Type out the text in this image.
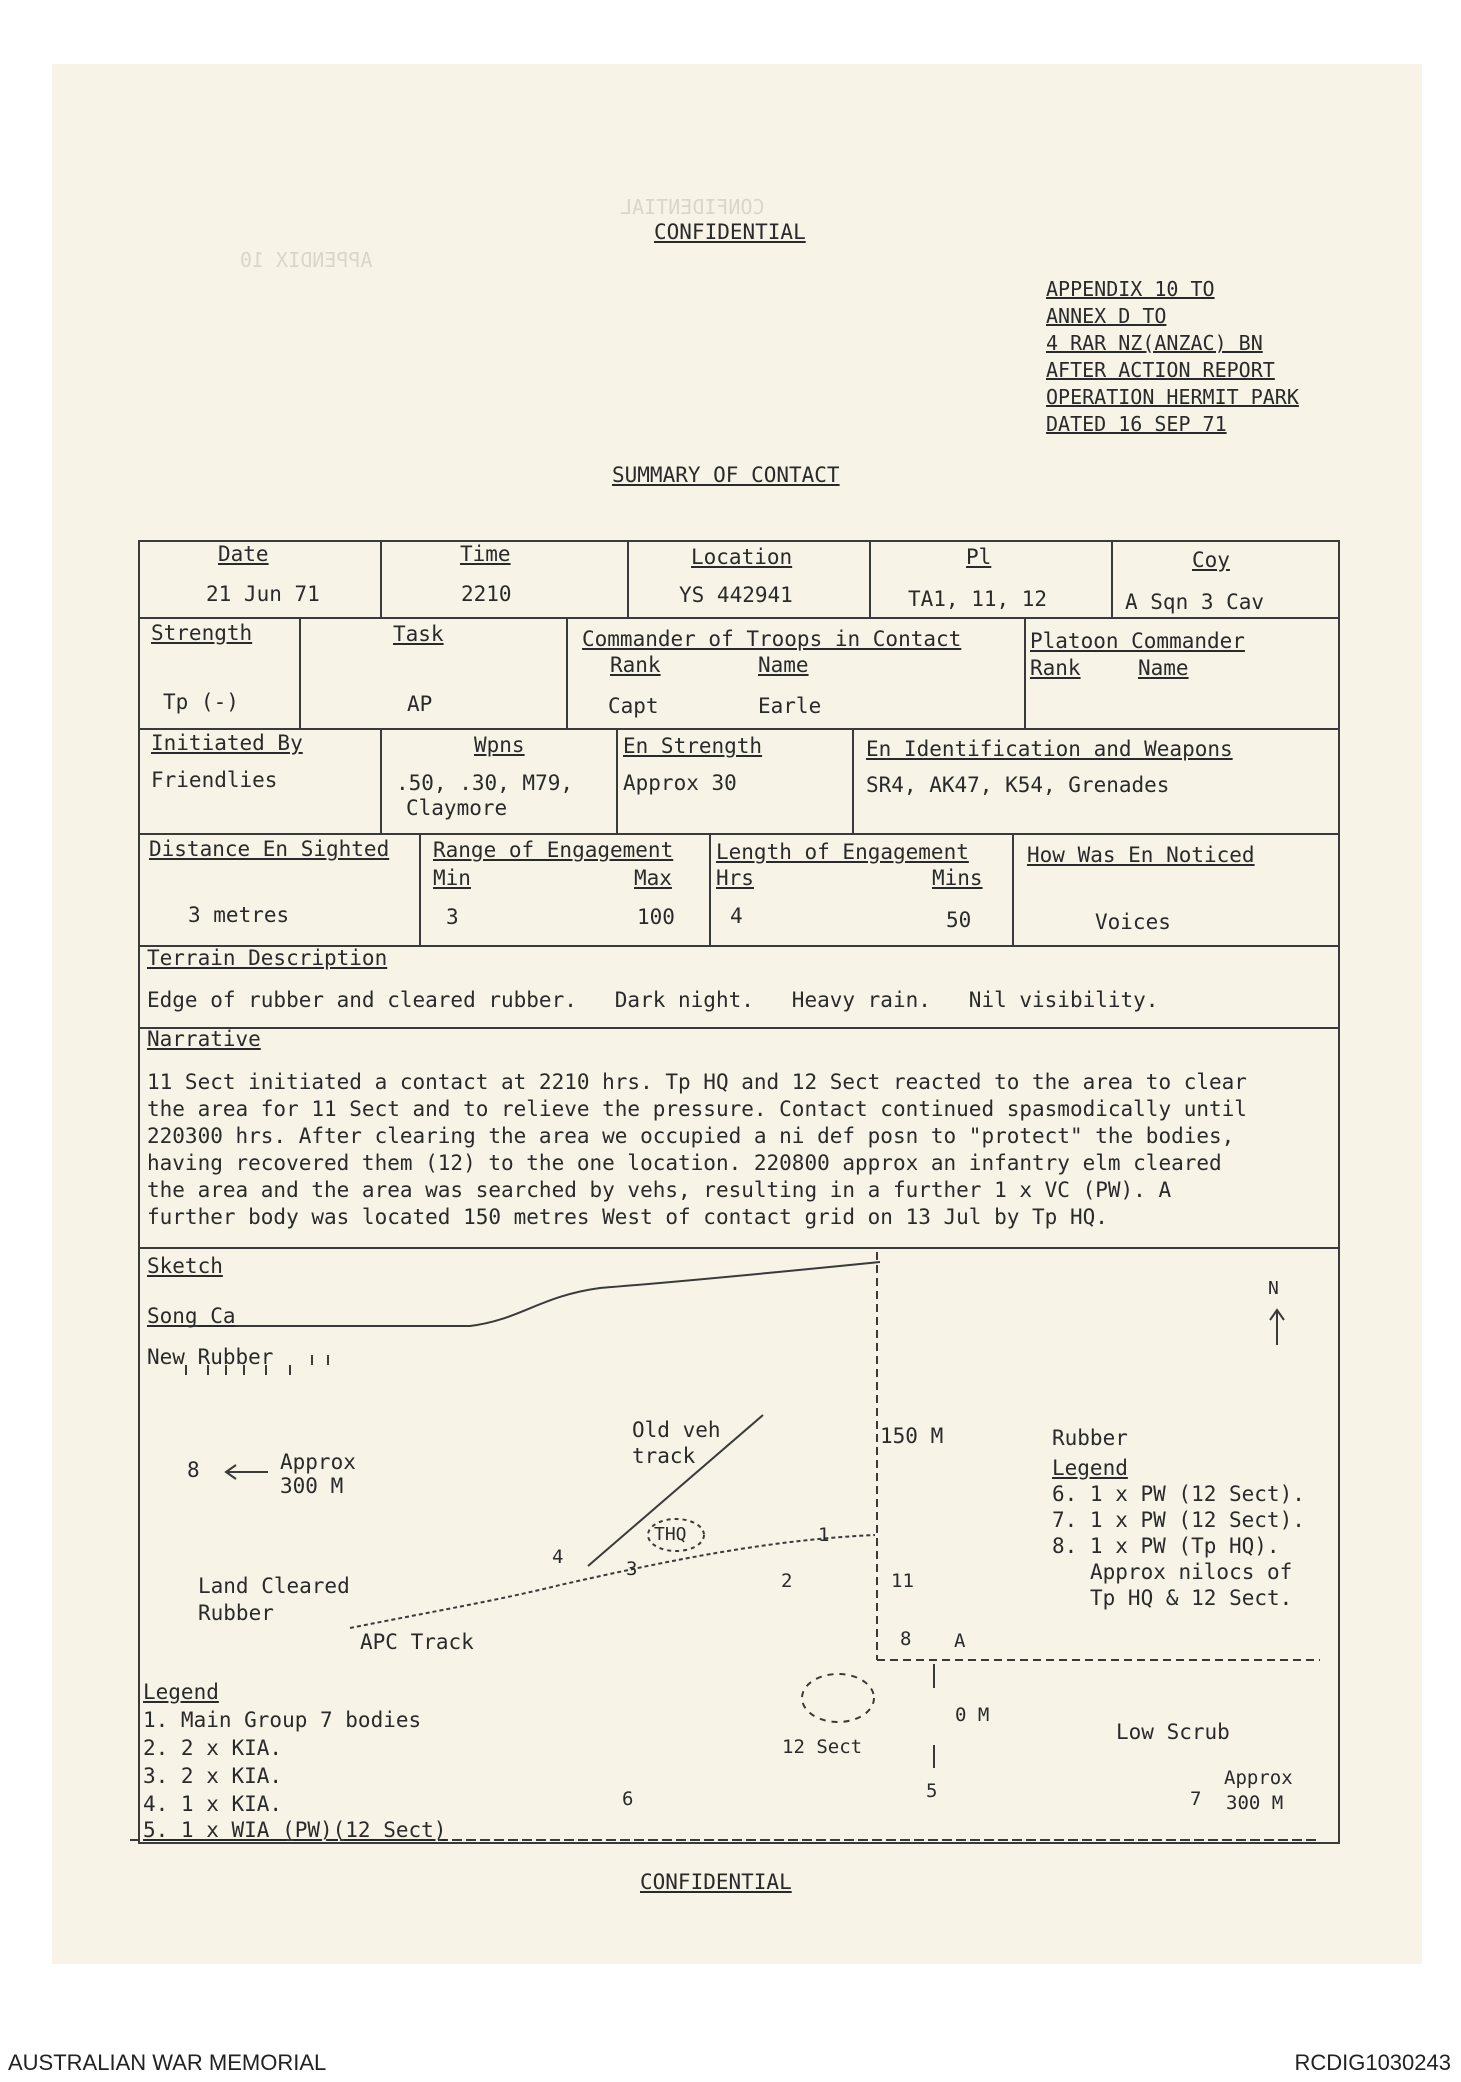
CONFIDENTIAL
APPENDIX 10
CONFIDENTIAL
APPENDIX 10 TO
ANNEX D TO
4 RAR NZ(ANZAC) BN
AFTER ACTION REPORT
OPERATION HERMIT PARK
DATED 16 SEP 71
SUMMARY OF CONTACT
Date
21 Jun 71
Time
2210
Location
YS 442941
Pl
TA1, 11, 12
Coy
A Sqn 3 Cav
Strength
Tp (-)
Task
AP
Commander of Troops in Contact
Rank	Name
Capt	Earle
Platoon Commander
Rank	Name
Initiated By
Friendlies
Wpns
.50, .30, M79,
Claymore
En Strength
Approx 30
En Identification and Weapons
SR4, AK47, K54, Grenades
Distance En Sighted
3 metres
Range of Engagement
Min	Max
3	100
Length of Engagement
Hrs	Mins
4	50
How Was En Noticed
Voices
Terrain Description
Edge of rubber and cleared rubber.   Dark night.   Heavy rain.   Nil visibility.
Narrative
11 Sect initiated a contact at 2210 hrs. Tp HQ and 12 Sect reacted to the area to clear
the area for 11 Sect and to relieve the pressure. Contact continued spasmodically until
220300 hrs. After clearing the area we occupied a ni def posn to "protect" the bodies,
having recovered them (12) to the one location. 220800 approx an infantry elm cleared
the area and the area was searched by vehs, resulting in a further 1 x VC (PW). A
further body was located 150 metres West of contact grid on 13 Jul by Tp HQ.
Sketch
Song Ca
New Rubber
8	Approx
300 M
Old veh
track
THQ
N
150 M	Rubber
Land Cleared
Rubber
APC Track
1
2
3
4
11
8 A
0 M
12 Sect
5
6
Low Scrub
Approx
7 300 M
Legend
1. Main Group 7 bodies
2. 2 x KIA.
3. 2 x KIA.
4. 1 x KIA.
5. 1 x WIA (PW)(12 Sect)
Legend
6. 1 x PW (12 Sect).
7. 1 x PW (12 Sect).
8. 1 x PW (Tp HQ).
Approx nilocs of
Tp HQ & 12 Sect.
CONFIDENTIAL
AUSTRALIAN WAR MEMORIAL	RCDIG1030243
